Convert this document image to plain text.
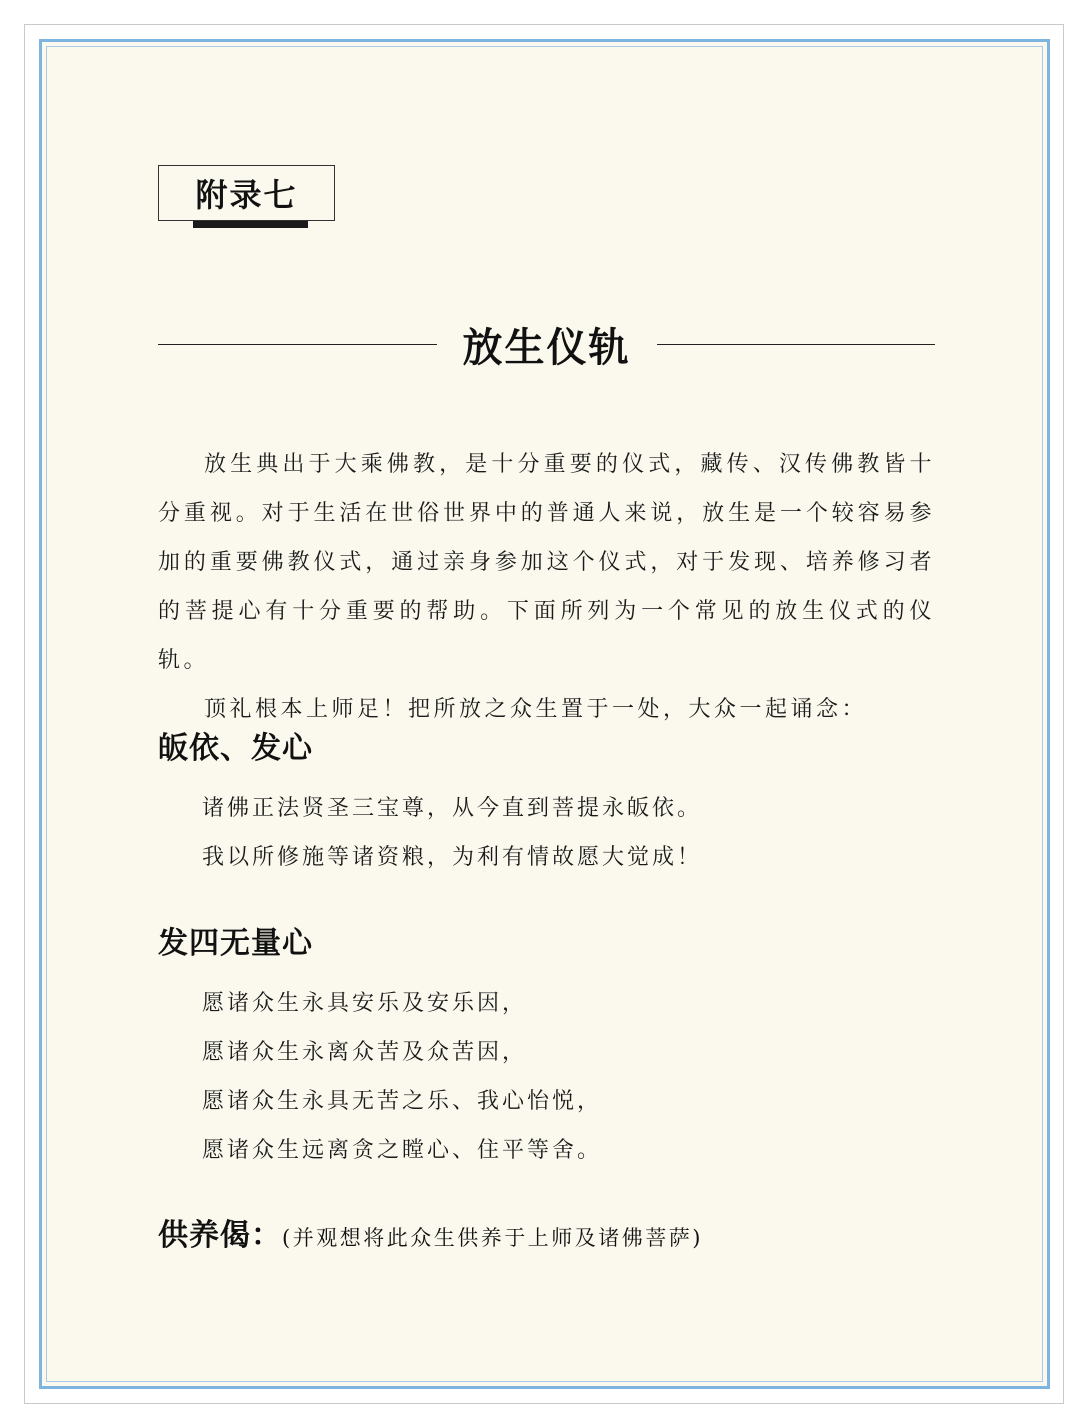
附录七
放生仪轨

放生典出于大乘佛教，是十分重要的仪式，藏传、汉传佛教皆十分重视。对于生活在世俗世界中的普通人来说，放生是一个较容易参加的重要佛教仪式，通过亲身参加这个仪式，对于发现、培养修习者的菩提心有十分重要的帮助。下面所列为一个常见的放生仪式的仪轨。

顶礼根本上师足！把所放之众生置于一处，大众一起诵念：

皈依、发心
诸佛正法贤圣三宝尊，从今直到菩提永皈依。
我以所修施等诸资粮，为利有情故愿大觉成！
发四无量心
愿诸众生永具安乐及安乐因，
愿诸众生永离众苦及众苦因，
愿诸众生永具无苦之乐、我心怡悦，
愿诸众生远离贪之瞠心、住平等舍。
供养偈：(并观想将此众生供养于上师及诸佛菩萨)
